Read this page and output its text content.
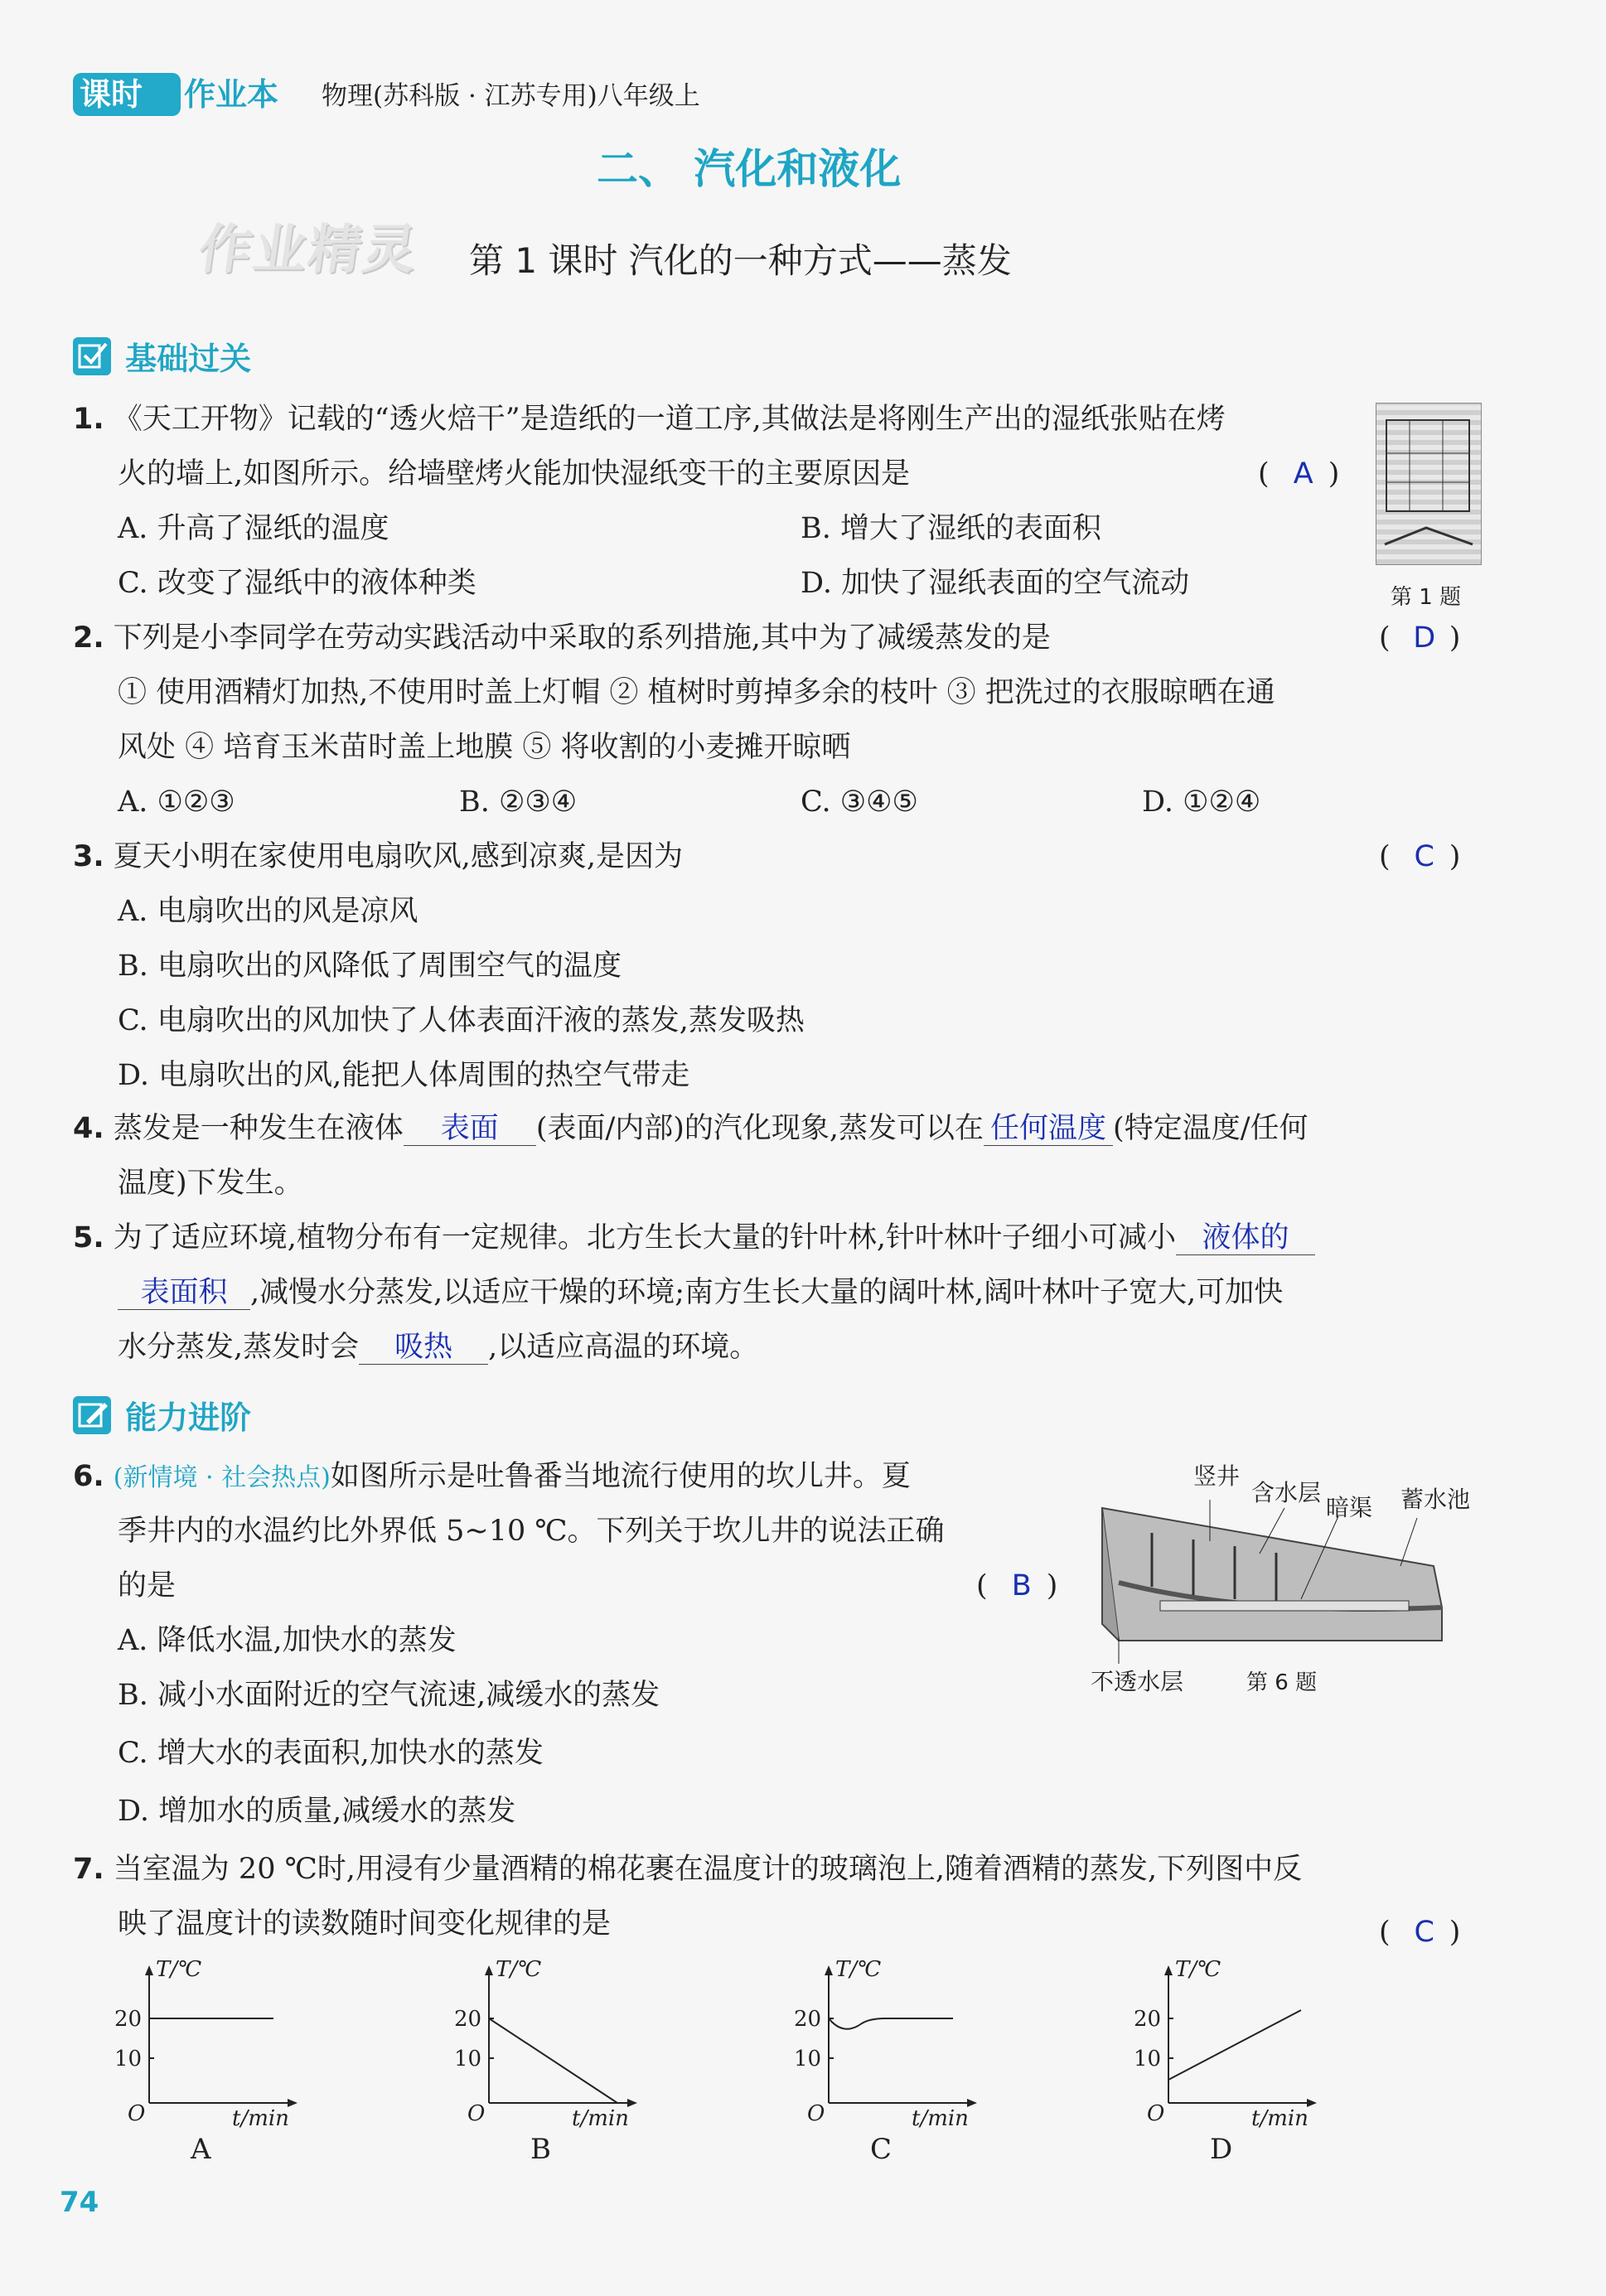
课时 作业本 物理(苏科版 · 江苏专用)八年级上
二、 汽化和液化
作业精灵 第 1 课时 汽化的一种方式——蒸发
基础过关
1. 《天工开物》记载的“透火焙干”是造纸的一道工序,其做法是将刚生产出的湿纸张贴在烤
火的墙上,如图所示。给墙壁烤火能加快湿纸变干的主要原因是	( A )
A. 升高了湿纸的温度	B. 增大了湿纸的表面积
C. 改变了湿纸中的液体种类	D. 加快了湿纸表面的空气流动	第 1 题
2. 下列是小李同学在劳动实践活动中采取的系列措施,其中为了减缓蒸发的是	( D )
① 使用酒精灯加热,不使用时盖上灯帽 ② 植树时剪掉多余的枝叶 ③ 把洗过的衣服晾晒在通
风处 ④ 培育玉米苗时盖上地膜 ⑤ 将收割的小麦摊开晾晒
A. ①②③	B. ②③④	C. ③④⑤	D. ①②④
3. 夏天小明在家使用电扇吹风,感到凉爽,是因为	( C )
A. 电扇吹出的风是凉风
B. 电扇吹出的风降低了周围空气的温度
C. 电扇吹出的风加快了人体表面汗液的蒸发,蒸发吸热
D. 电扇吹出的风,能把人体周围的热空气带走
4. 蒸发是一种发生在液体 表面 (表面/内部)的汽化现象,蒸发可以在 任何温度 (特定温度/任何
温度)下发生。
5. 为了适应环境,植物分布有一定规律。北方生长大量的针叶林,针叶林叶子细小可减小 液体的
表面积 ,减慢水分蒸发,以适应干燥的环境;南方生长大量的阔叶林,阔叶林叶子宽大,可加快
水分蒸发,蒸发时会 吸热 ,以适应高温的环境。
能力进阶
6. (新情境 · 社会热点)如图所示是吐鲁番当地流行使用的坎儿井。夏
季井内的水温约比外界低 5~10 ℃。下列关于坎儿井的说法正确
的是	( B )
A. 降低水温,加快水的蒸发
B. 减小水面附近的空气流速,减缓水的蒸发
C. 增大水的表面积,加快水的蒸发
D. 增加水的质量,减缓水的蒸发
竖井
含水层
暗渠 蓄水池
不透水层	第 6 题
7. 当室温为 20 ℃时,用浸有少量酒精的棉花裹在温度计的玻璃泡上,随着酒精的蒸发,下列图中反
映了温度计的读数随时间变化规律的是	( C )
T/℃
20
10
O	t/min
A
T/℃
20
10
O	t/min
B
T/℃
20
10
O	t/min
C
T/℃
20
10
O	t/min
D
74
